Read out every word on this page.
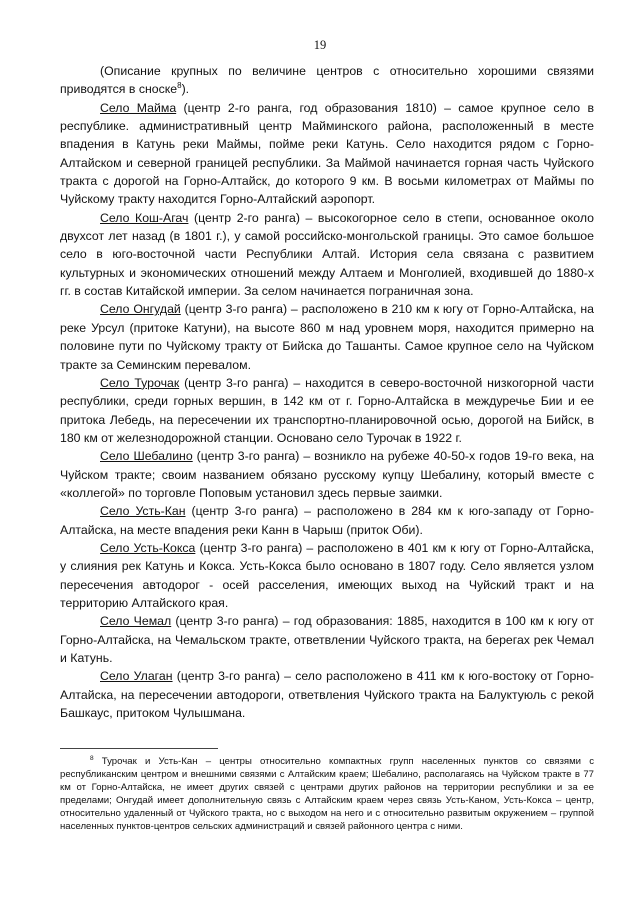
19

(Описание крупных по величине центров с относительно хорошими связями приводятся в сноске$^8$).

Село Майма (центр 2-го ранга, год образования 1810) – самое крупное село в республике. административный центр Майминского района, расположенный в месте впадения в Катунь реки Маймы, пойме реки Катунь. Село находится рядом с Горно-Алтайском и северной границей республики. За Маймой начинается горная часть Чуйского тракта с дорогой на Горно-Алтайск, до которого 9 км. В восьми километрах от Маймы по Чуйскому тракту находится Горно-Алтайский аэропорт.

Село Кош-Агач (центр 2-го ранга) – высокогорное село в степи, основанное около двухсот лет назад (в 1801 г.), у самой российско-монгольской границы. Это самое большое село в юго-восточной части Республики Алтай. История села связана с развитием культурных и экономических отношений между Алтаем и Монголией, входившей до 1880-х гг. в состав Китайской империи. За селом начинается пограничная зона.

Село Онгудай (центр 3-го ранга) – расположено в 210 км к югу от Горно-Алтайска, на реке Урсул (притоке Катуни), на высоте 860 м над уровнем моря, находится примерно на половине пути по Чуйскому тракту от Бийска до Ташанты. Самое крупное село на Чуйском тракте за Семинским перевалом.

Село Турочак (центр 3-го ранга) – находится в северо-восточной низкогорной части республики, среди горных вершин, в 142 км от г. Горно-Алтайска в междуречье Бии и ее притока Лебедь, на пересечении их транспортно-планировочной осью, дорогой на Бийск, в 180 км от железнодорожной станции. Основано село Турочак в 1922 г.

Село Шебалино (центр 3-го ранга) – возникло на рубеже 40-50-х годов 19-го века, на Чуйском тракте; своим названием обязано русскому купцу Шебалину, который вместе с «коллегой» по торговле Поповым установил здесь первые заимки.

Село Усть-Кан (центр 3-го ранга) – расположено в 284 км к юго-западу от Горно-Алтайска, на месте впадения реки Канн в Чарыш (приток Оби).

Село Усть-Кокса (центр 3-го ранга) – расположено в 401 км к югу от Горно-Алтайска, у слияния рек Катунь и Кокса. Усть-Кокса было основано в 1807 году. Село является узлом пересечения автодорог - осей расселения, имеющих выход на Чуйский тракт и на территорию Алтайского края.

Село Чемал (центр 3-го ранга) – год образования: 1885, находится в 100 км к югу от Горно-Алтайска, на Чемальском тракте, ответвлении Чуйского тракта, на берегах рек Чемал и Катунь.

Село Улаган (центр 3-го ранга) – село расположено в 411 км к юго-востоку от Горно-Алтайска, на пересечении автодороги, ответвления Чуйского тракта на Балуктуюль с рекой Башкаус, притоком Чулышмана.

$^8$ Турочак и Усть-Кан – центры относительно компактных групп населенных пунктов со связями с республиканским центром и внешними связями с Алтайским краем; Шебалино, располагаясь на Чуйском тракте в 77 км от Горно-Алтайска, не имеет других связей с центрами других районов на территории республики и за ее пределами; Онгудай имеет дополнительную связь с Алтайским краем через связь Усть-Каном, Усть-Кокса – центр, относительно удаленный от Чуйского тракта, но с выходом на него и с относительно развитым окружением – группой населенных пунктов-центров сельских администраций и связей районного центра с ними.
